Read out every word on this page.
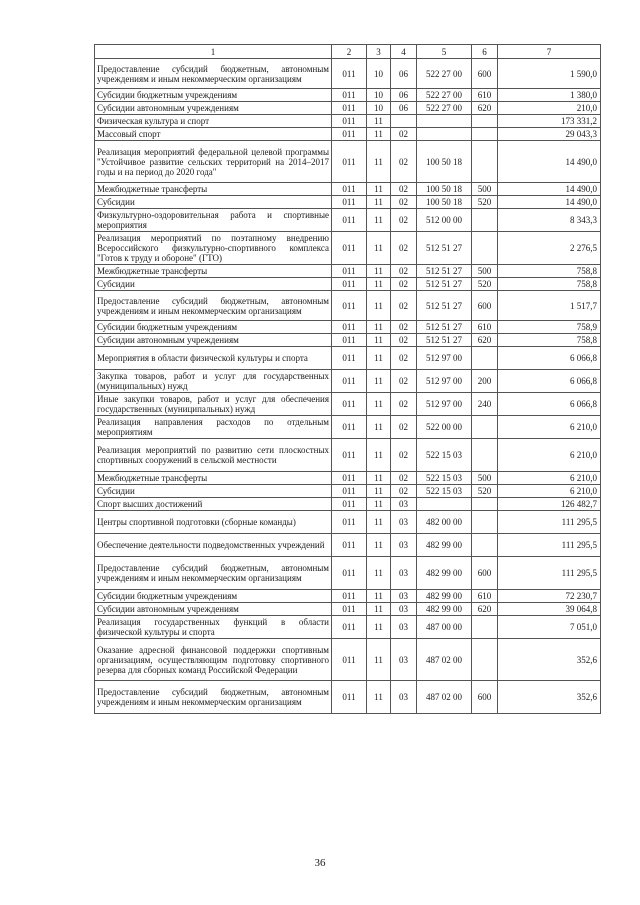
1	2	3	4	5	6	7
Предоставление субсидий бюджетным, автономным учреждениям и иным некоммерческим организациям	011	10	06	522 27 00	600	1 590,0
Субсидии бюджетным учреждениям	011	10	06	522 27 00	610	1 380,0
Субсидии автономным учреждениям	011	10	06	522 27 00	620	210,0
Физическая культура и спорт	011	11				173 331,2
Массовый спорт	011	11	02			29 043,3
Реализация мероприятий федеральной целевой программы "Устойчивое развитие сельских территорий на 2014–2017 годы и на период до 2020 года"	011	11	02	100 50 18		14 490,0
Межбюджетные трансферты	011	11	02	100 50 18	500	14 490,0
Субсидии	011	11	02	100 50 18	520	14 490,0
Физкультурно-оздоровительная работа и спортивные мероприятия	011	11	02	512 00 00		8 343,3
Реализация мероприятий по поэтапному внедрению Всероссийского физкультурно-спортивного комплекса "Готов к труду и обороне" (ГТО)	011	11	02	512 51 27		2 276,5
Межбюджетные трансферты	011	11	02	512 51 27	500	758,8
Субсидии	011	11	02	512 51 27	520	758,8
Предоставление субсидий бюджетным, автономным учреждениям и иным некоммерческим организациям	011	11	02	512 51 27	600	1 517,7
Субсидии бюджетным учреждениям	011	11	02	512 51 27	610	758,9
Субсидии автономным учреждениям	011	11	02	512 51 27	620	758,8
Мероприятия в области физической культуры и спорта	011	11	02	512 97 00		6 066,8
Закупка товаров, работ и услуг для государственных (муниципальных) нужд	011	11	02	512 97 00	200	6 066,8
Иные закупки товаров, работ и услуг для обеспечения государственных (муниципальных) нужд	011	11	02	512 97 00	240	6 066,8
Реализация направления расходов по отдельным мероприятиям	011	11	02	522 00 00		6 210,0
Реализация мероприятий по развитию сети плоскостных спортивных сооружений в сельской местности	011	11	02	522 15 03		6 210,0
Межбюджетные трансферты	011	11	02	522 15 03	500	6 210,0
Субсидии	011	11	02	522 15 03	520	6 210,0
Спорт высших достижений	011	11	03			126 482,7
Центры спортивной подготовки (сборные команды)	011	11	03	482 00 00		111 295,5
Обеспечение деятельности подведомственных учреждений	011	11	03	482 99 00		111 295,5
Предоставление субсидий бюджетным, автономным учреждениям и иным некоммерческим организациям	011	11	03	482 99 00	600	111 295,5
Субсидии бюджетным учреждениям	011	11	03	482 99 00	610	72 230,7
Субсидии автономным учреждениям	011	11	03	482 99 00	620	39 064,8
Реализация государственных функций в области физической культуры и спорта	011	11	03	487 00 00		7 051,0
Оказание адресной финансовой поддержки спортивным организациям, осуществляющим подготовку спортивного резерва для сборных команд Российской Федерации	011	11	03	487 02 00		352,6
Предоставление субсидий бюджетным, автономным учреждениям и иным некоммерческим организациям	011	11	03	487 02 00	600	352,6
36
